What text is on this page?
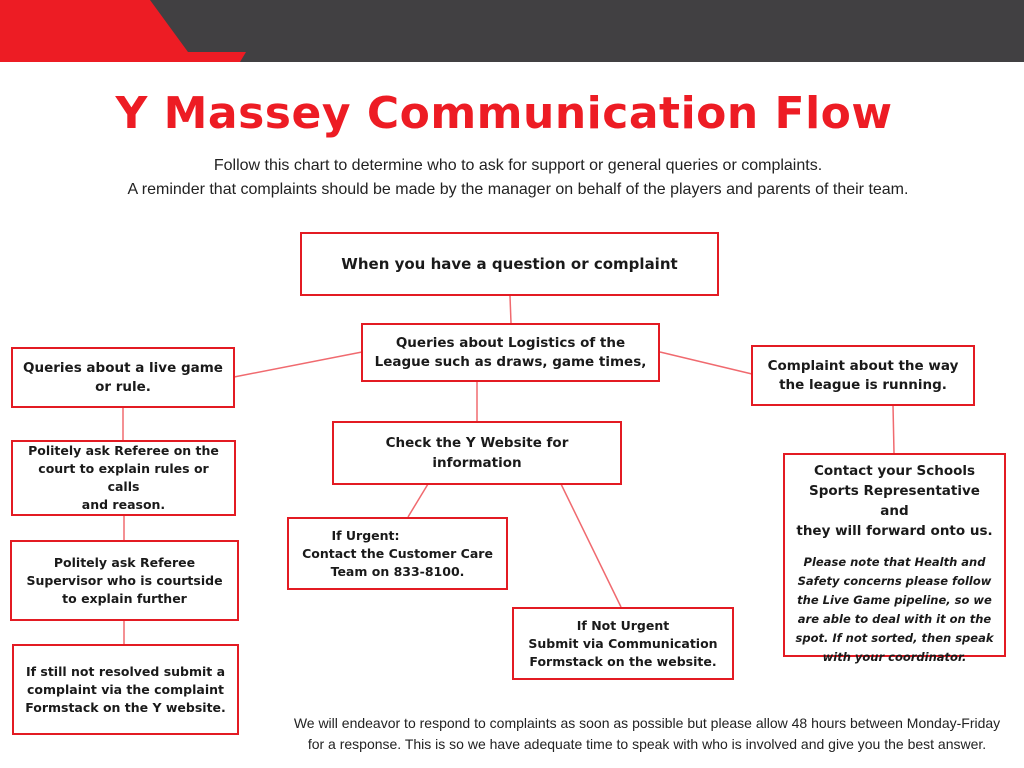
Y Massey Communication Flow
Follow this chart to determine who to ask for support or general queries or complaints.
A reminder that complaints should be made by the manager on behalf of the players and parents of their team.
When you have a question or complaint
Queries about Logistics of the
League such as draws, game times,
Queries about a live game
or rule.
Complaint about the way
the league is running.
Politely ask Referee on the
court to explain rules or calls
and reason.
Politely ask Referee
Supervisor who is courtside
to explain further
If still not resolved submit a
complaint via the complaint
Formstack on the Y website.
Check the Y Website for
information
If Urgent:
Contact the Customer Care
Team on 833-8100.
If Not Urgent
Submit via Communication
Formstack on the website.
Contact your Schools
Sports Representative and
they will forward onto us.
Please note that Health and
Safety concerns please follow
the Live Game pipeline, so we
are able to deal with it on the
spot. If not sorted, then speak
with your coordinator.
We will endeavor to respond to complaints as soon as possible but please allow 48 hours between Monday-Friday
for a response. This is so we have adequate time to speak with who is involved and give you the best answer.
